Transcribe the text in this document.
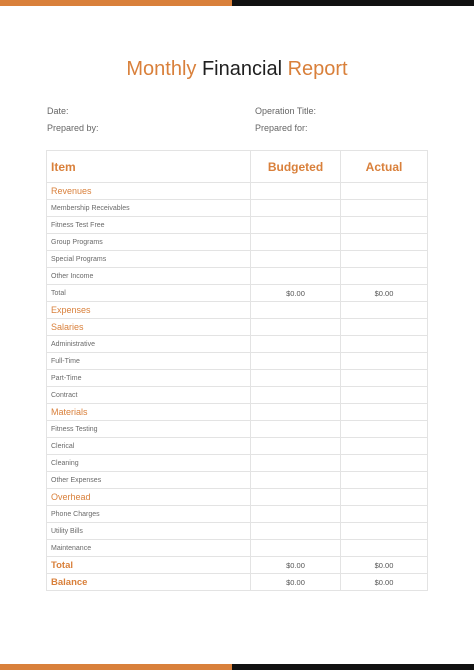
Monthly Financial Report
Date:	Operation Title:
Prepared by:	Prepared for:
Item	Budgeted	Actual
Revenues		
Membership Receivables		
Fitness Test Free		
Group Programs		
Special Programs		
Other Income		
Total	$0.00	$0.00
Expenses		
Salaries		
Administrative		
Full-Time		
Part-Time		
Contract		
Materials		
Fitness Testing		
Clerical		
Cleaning		
Other Expenses		
Overhead		
Phone Charges		
Utility Bills		
Maintenance		
Total	$0.00	$0.00
Balance	$0.00	$0.00
